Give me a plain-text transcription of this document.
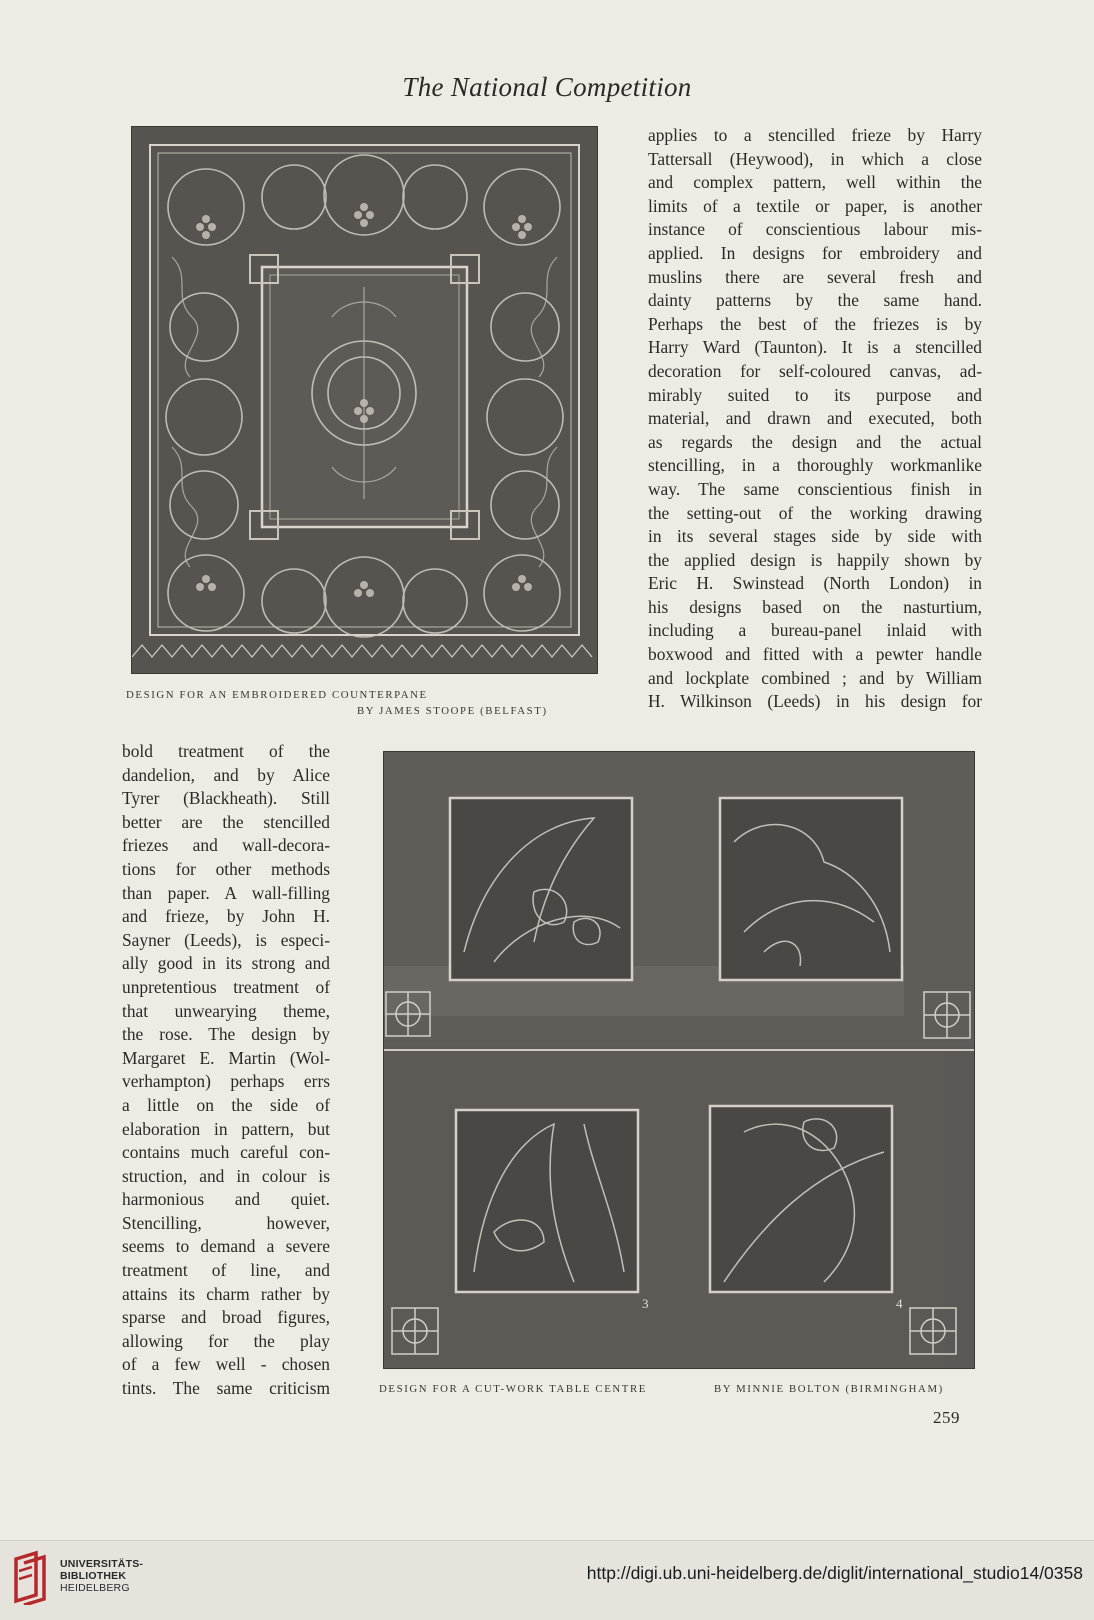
The National Competition
DESIGN FOR AN EMBROIDERED COUNTERPANE
BY JAMES STOOPE (BELFAST)

applies to a stencilled frieze by Harry
Tattersall (Heywood), in which a close
and complex pattern, well within the
limits of a textile or paper, is another
instance of conscientious labour mis-
applied. In designs for embroidery and
muslins there are several fresh and
dainty patterns by the same hand.
Perhaps the best of the friezes is by
Harry Ward (Taunton). It is a stencilled
decoration for self-coloured canvas, ad-
mirably suited to its purpose and
material, and drawn and executed, both
as regards the design and the actual
stencilling, in a thoroughly workmanlike
way. The same conscientious finish in
the setting-out of the working drawing
in its several stages side by side with
the applied design is happily shown by
Eric H. Swinstead (North London) in
his designs based on the nasturtium,
including a bureau-panel inlaid with
boxwood and fitted with a pewter handle
and lockplate combined ; and by William
H. Wilkinson (Leeds) in his design for

bold treatment of the
dandelion, and by Alice
Tyrer (Blackheath). Still
better are the stencilled
friezes and wall-decora-
tions for other methods
than paper. A wall-filling
and frieze, by John H.
Sayner (Leeds), is especi-
ally good in its strong and
unpretentious treatment of
that unwearying theme,
the rose. The design by
Margaret E. Martin (Wol-
verhampton) perhaps errs
a little on the side of
elaboration in pattern, but
contains much careful con-
struction, and in colour is
harmonious and quiet.
Stencilling, however,
seems to demand a severe
treatment of line, and
attains its charm rather by
sparse and broad figures,
allowing for the play
of a few well - chosen
tints. The same criticism

3	4
DESIGN FOR A CUT-WORK TABLE CENTRE	BY MINNIE BOLTON (BIRMINGHAM)
259
UNIVERSITÄTS-
BIBLIOTHEK
HEIDELBERG
http://digi.ub.uni-heidelberg.de/diglit/international_studio14/0358
